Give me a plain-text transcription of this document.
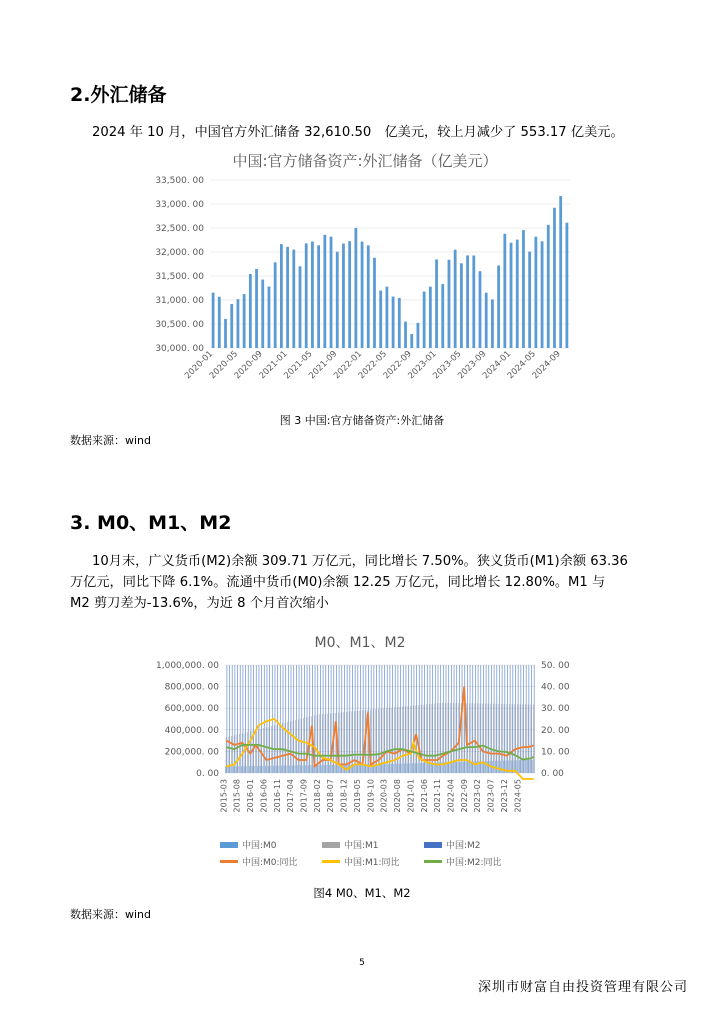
2.外汇储备
2024 年 10 月，中国官方外汇储备 32,610.50　亿美元，较上月减少了 553.17 亿美元。
中国:官方储备资产:外汇储备（亿美元）
30,000. 00
30,500. 00
31,000. 00
31,500. 00
32,000. 00
32,500. 00
33,000. 00
33,500. 00
2020-01
2020-05
2020-09
2021-01
2021-05
2021-09
2022-01
2022-05
2022-09
2023-01
2023-05
2023-09
2024-01
2024-05
2024-09
图 3 中国:官方储备资产:外汇储备
数据来源：wind
3. M0、M1、M2
10月末，广义货币(M2)余额 309.71 万亿元，同比增长 7.50%。狭义货币(M1)余额 63.36
万亿元，同比下降 6.1%。流通中货币(M0)余额 12.25 万亿元，同比增长 12.80%。M1 与
M2 剪刀差为-13.6%，为近 8 个月首次缩小
M0、M1、M2
0. 00
200,000. 00
400,000. 00
600,000. 00
800,000. 00
1,000,000. 00
0. 00
10. 00
20. 00
30. 00
40. 00
50. 00
2015-03 2015-08 2016-01 2016-06 2016-11 2017-04 2017-09 2018-02 2018-07 2018-12 2019-05 2019-10 2020-03 2020-08 2021-01 2021-06 2021-11 2022-04 2022-09 2023-02 2023-07 2023-12 2024-05
中国:M0	中国:M1	中国:M2
中国:M0:同比	中国:M1:同比	中国:M2:同比
图4 M0、M1、M2
数据来源：wind
5
深圳市财富自由投资管理有限公司
